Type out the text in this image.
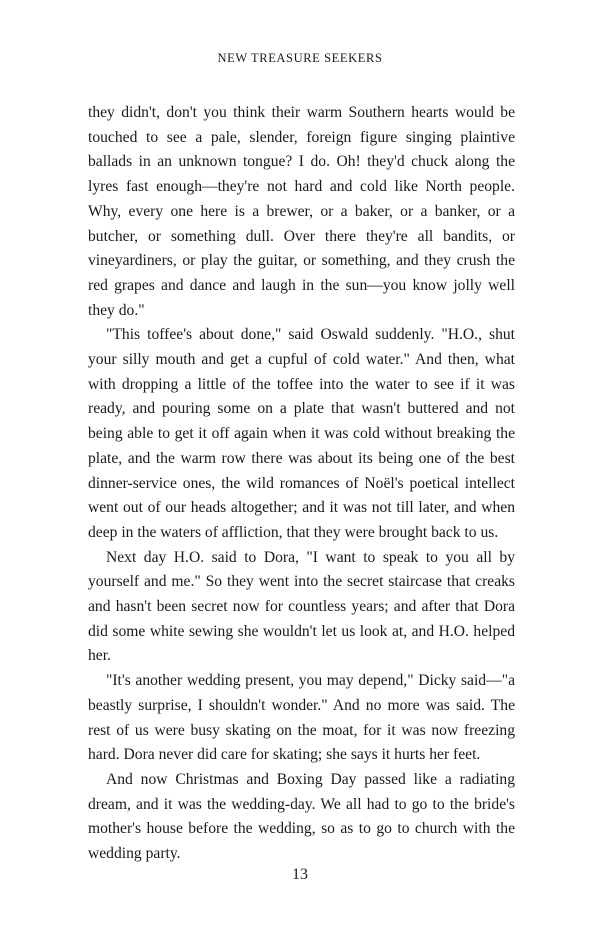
NEW TREASURE SEEKERS

they didn't, don't you think their warm Southern hearts would be touched to see a pale, slender, foreign figure singing plaintive ballads in an unknown tongue? I do. Oh! they'd chuck along the lyres fast enough—they're not hard and cold like North people. Why, every one here is a brewer, or a baker, or a banker, or a butcher, or something dull. Over there they're all bandits, or vineyardiners, or play the guitar, or something, and they crush the red grapes and dance and laugh in the sun—you know jolly well they do."

"This toffee's about done," said Oswald suddenly. "H.O., shut your silly mouth and get a cupful of cold water." And then, what with dropping a little of the toffee into the water to see if it was ready, and pouring some on a plate that wasn't buttered and not being able to get it off again when it was cold without breaking the plate, and the warm row there was about its being one of the best dinner-service ones, the wild romances of Noël's poetical intellect went out of our heads altogether; and it was not till later, and when deep in the waters of affliction, that they were brought back to us.

Next day H.O. said to Dora, "I want to speak to you all by yourself and me." So they went into the secret staircase that creaks and hasn't been secret now for countless years; and after that Dora did some white sewing she wouldn't let us look at, and H.O. helped her.

"It's another wedding present, you may depend," Dicky said—"a beastly surprise, I shouldn't wonder." And no more was said. The rest of us were busy skating on the moat, for it was now freezing hard. Dora never did care for skating; she says it hurts her feet.

And now Christmas and Boxing Day passed like a radiating dream, and it was the wedding-day. We all had to go to the bride's mother's house before the wedding, so as to go to church with the wedding party.

13
